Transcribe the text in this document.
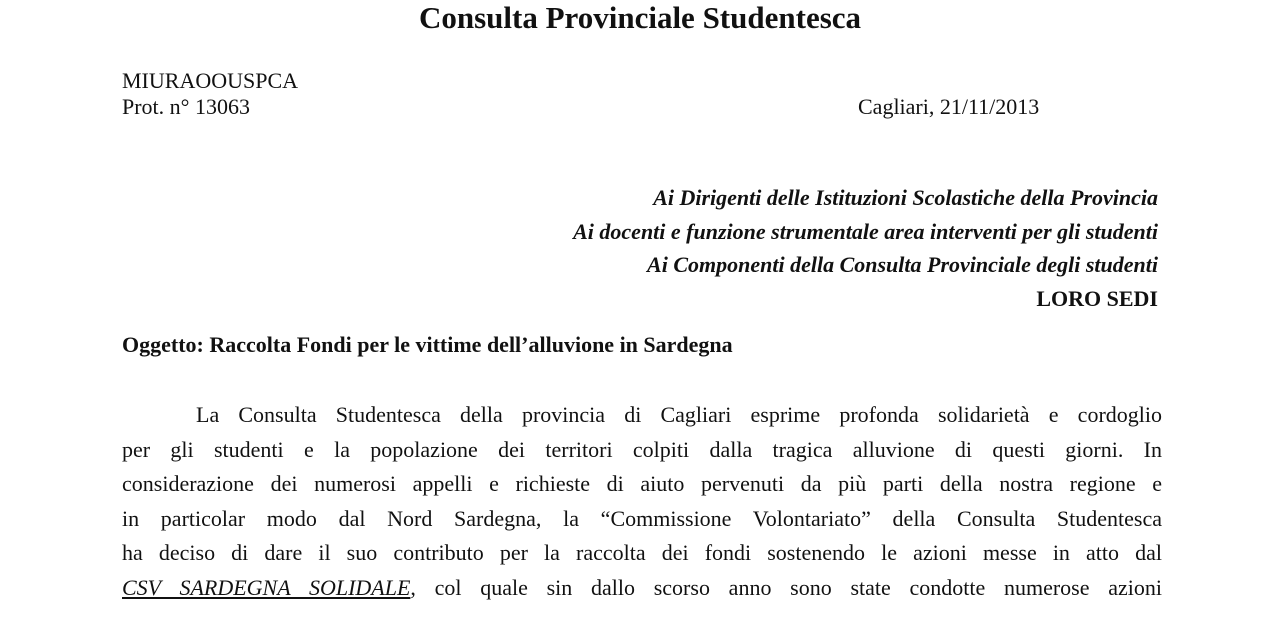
Consulta Provinciale Studentesca
MIURAOOUSPCA
Prot. n° 13063	Cagliari, 21/11/2013
Ai Dirigenti delle Istituzioni Scolastiche della Provincia
Ai docenti e funzione strumentale area interventi per gli studenti
Ai Componenti della Consulta Provinciale degli studenti
LORO SEDI
Oggetto: Raccolta Fondi per le vittime dell’alluvione in Sardegna
La Consulta Studentesca della provincia di Cagliari esprime profonda solidarietà e cordoglio
per gli studenti e la popolazione dei territori colpiti dalla tragica alluvione di questi giorni. In
considerazione dei numerosi appelli e richieste di aiuto pervenuti da più parti della nostra regione e
in particolar modo dal Nord Sardegna, la “Commissione Volontariato” della Consulta Studentesca
ha deciso di dare il suo contributo per la raccolta dei fondi sostenendo le azioni messe in atto dal
CSV SARDEGNA SOLIDALE, col quale sin dallo scorso anno sono state condotte numerose azioni
